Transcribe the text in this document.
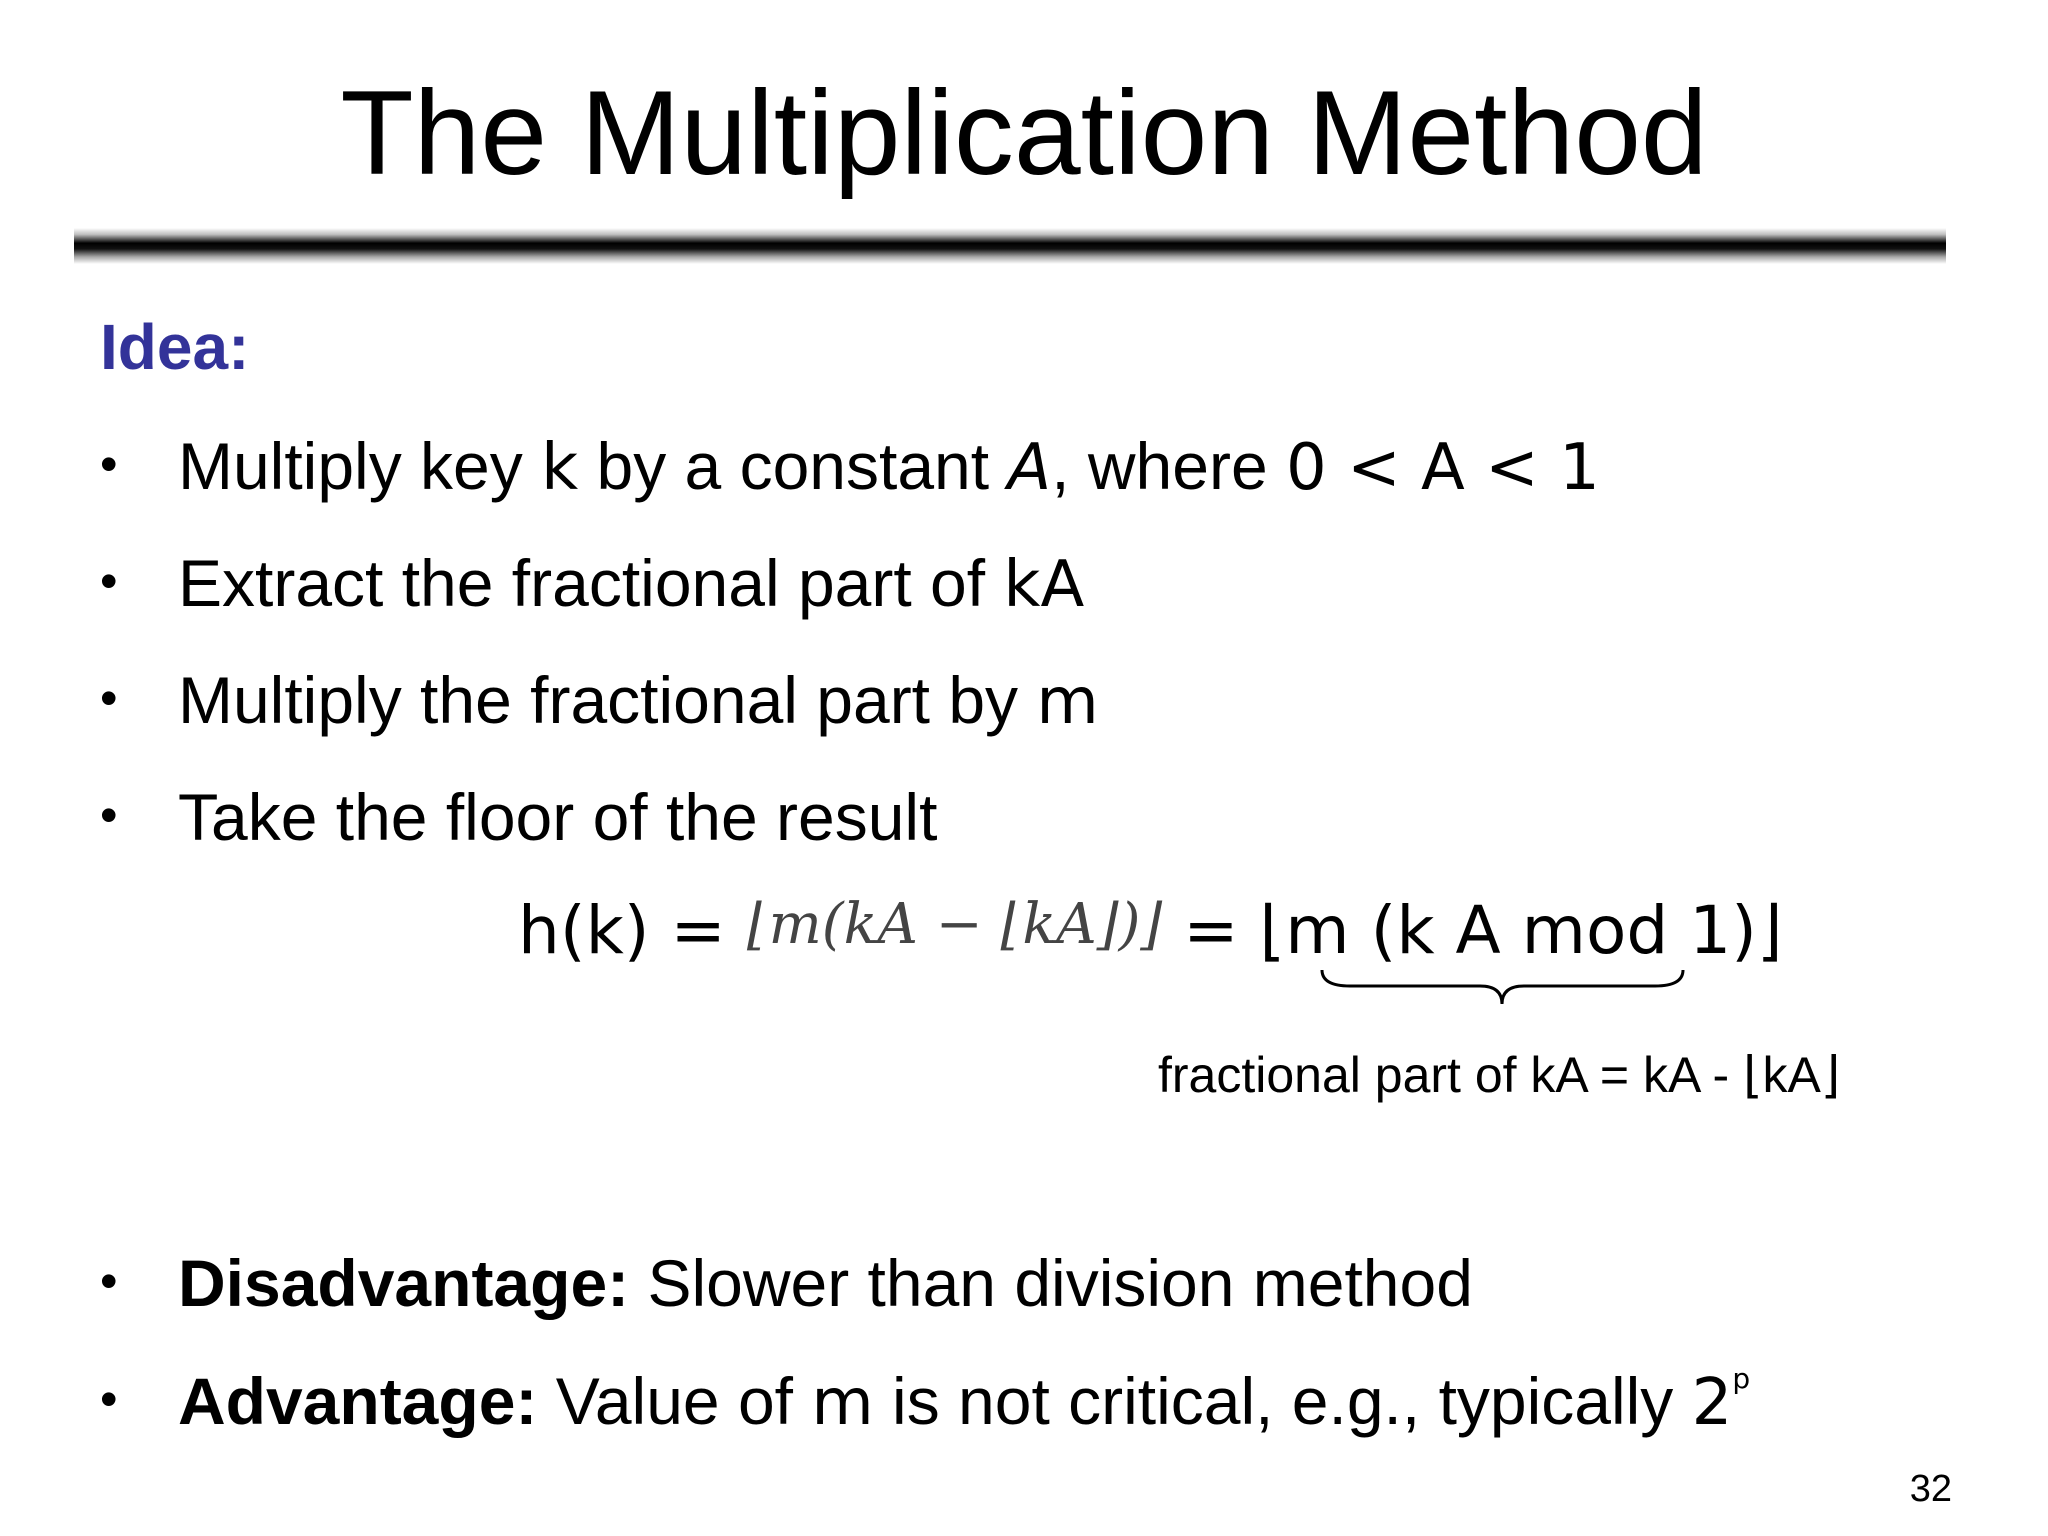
The Multiplication Method
Idea:
• Multiply key k by a constant A, where 0 < A < 1
• Extract the fractional part of kA
• Multiply the fractional part by m
• Take the floor of the result
h(k) = ⌊m(kA − ⌊kA⌋)⌋ = ⌊m (k A mod 1)⌋
fractional part of kA = kA - ⌊kA⌋
• Disadvantage: Slower than division method
• Advantage: Value of m is not critical, e.g., typically 2$^p$
32
